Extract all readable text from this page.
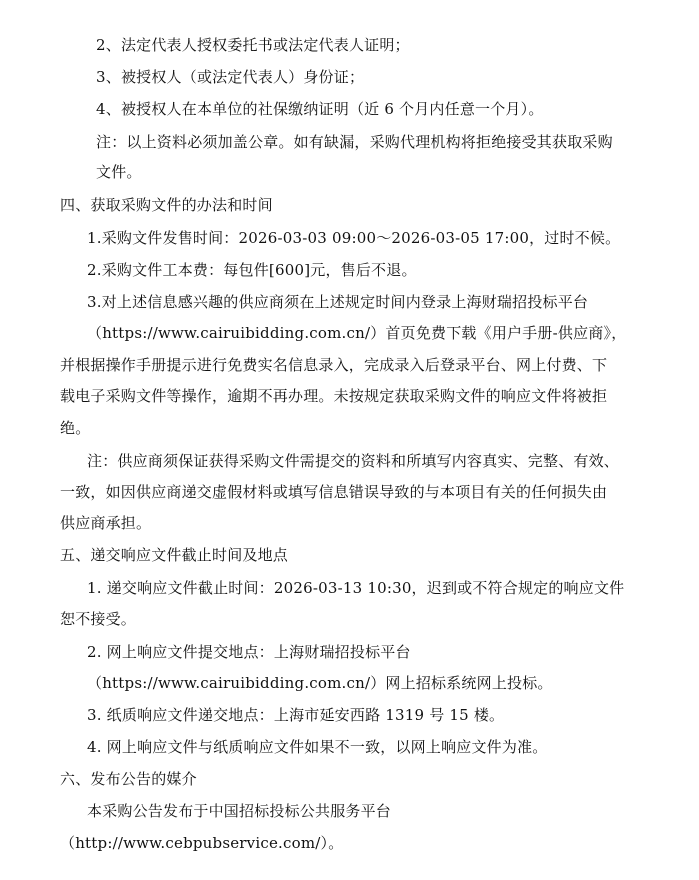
2、法定代表人授权委托书或法定代表人证明；
3、被授权人（或法定代表人）身份证；
4、被授权人在本单位的社保缴纳证明（近 6 个月内任意一个月）。
注：以上资料必须加盖公章。如有缺漏，采购代理机构将拒绝接受其获取采购
文件。
四、获取采购文件的办法和时间
1.采购文件发售时间：2026-03-03 09:00～2026-03-05 17:00，过时不候。
2.采购文件工本费：每包件[600]元，售后不退。
3.对上述信息感兴趣的供应商须在上述规定时间内登录上海财瑞招投标平台
（https://www.cairuibidding.com.cn/）首页免费下载《用户手册-供应商》，
并根据操作手册提示进行免费实名信息录入，完成录入后登录平台、网上付费、下
载电子采购文件等操作，逾期不再办理。未按规定获取采购文件的响应文件将被拒
绝。
注：供应商须保证获得采购文件需提交的资料和所填写内容真实、完整、有效、
一致，如因供应商递交虚假材料或填写信息错误导致的与本项目有关的任何损失由
供应商承担。
五、递交响应文件截止时间及地点
1. 递交响应文件截止时间：2026-03-13 10:30，迟到或不符合规定的响应文件
恕不接受。
2. 网上响应文件提交地点：上海财瑞招投标平台
（https://www.cairuibidding.com.cn/）网上招标系统网上投标。
3. 纸质响应文件递交地点：上海市延安西路 1319 号 15 楼。
4. 网上响应文件与纸质响应文件如果不一致，以网上响应文件为准。
六、发布公告的媒介
本采购公告发布于中国招标投标公共服务平台
（http://www.cebpubservice.com/）。
